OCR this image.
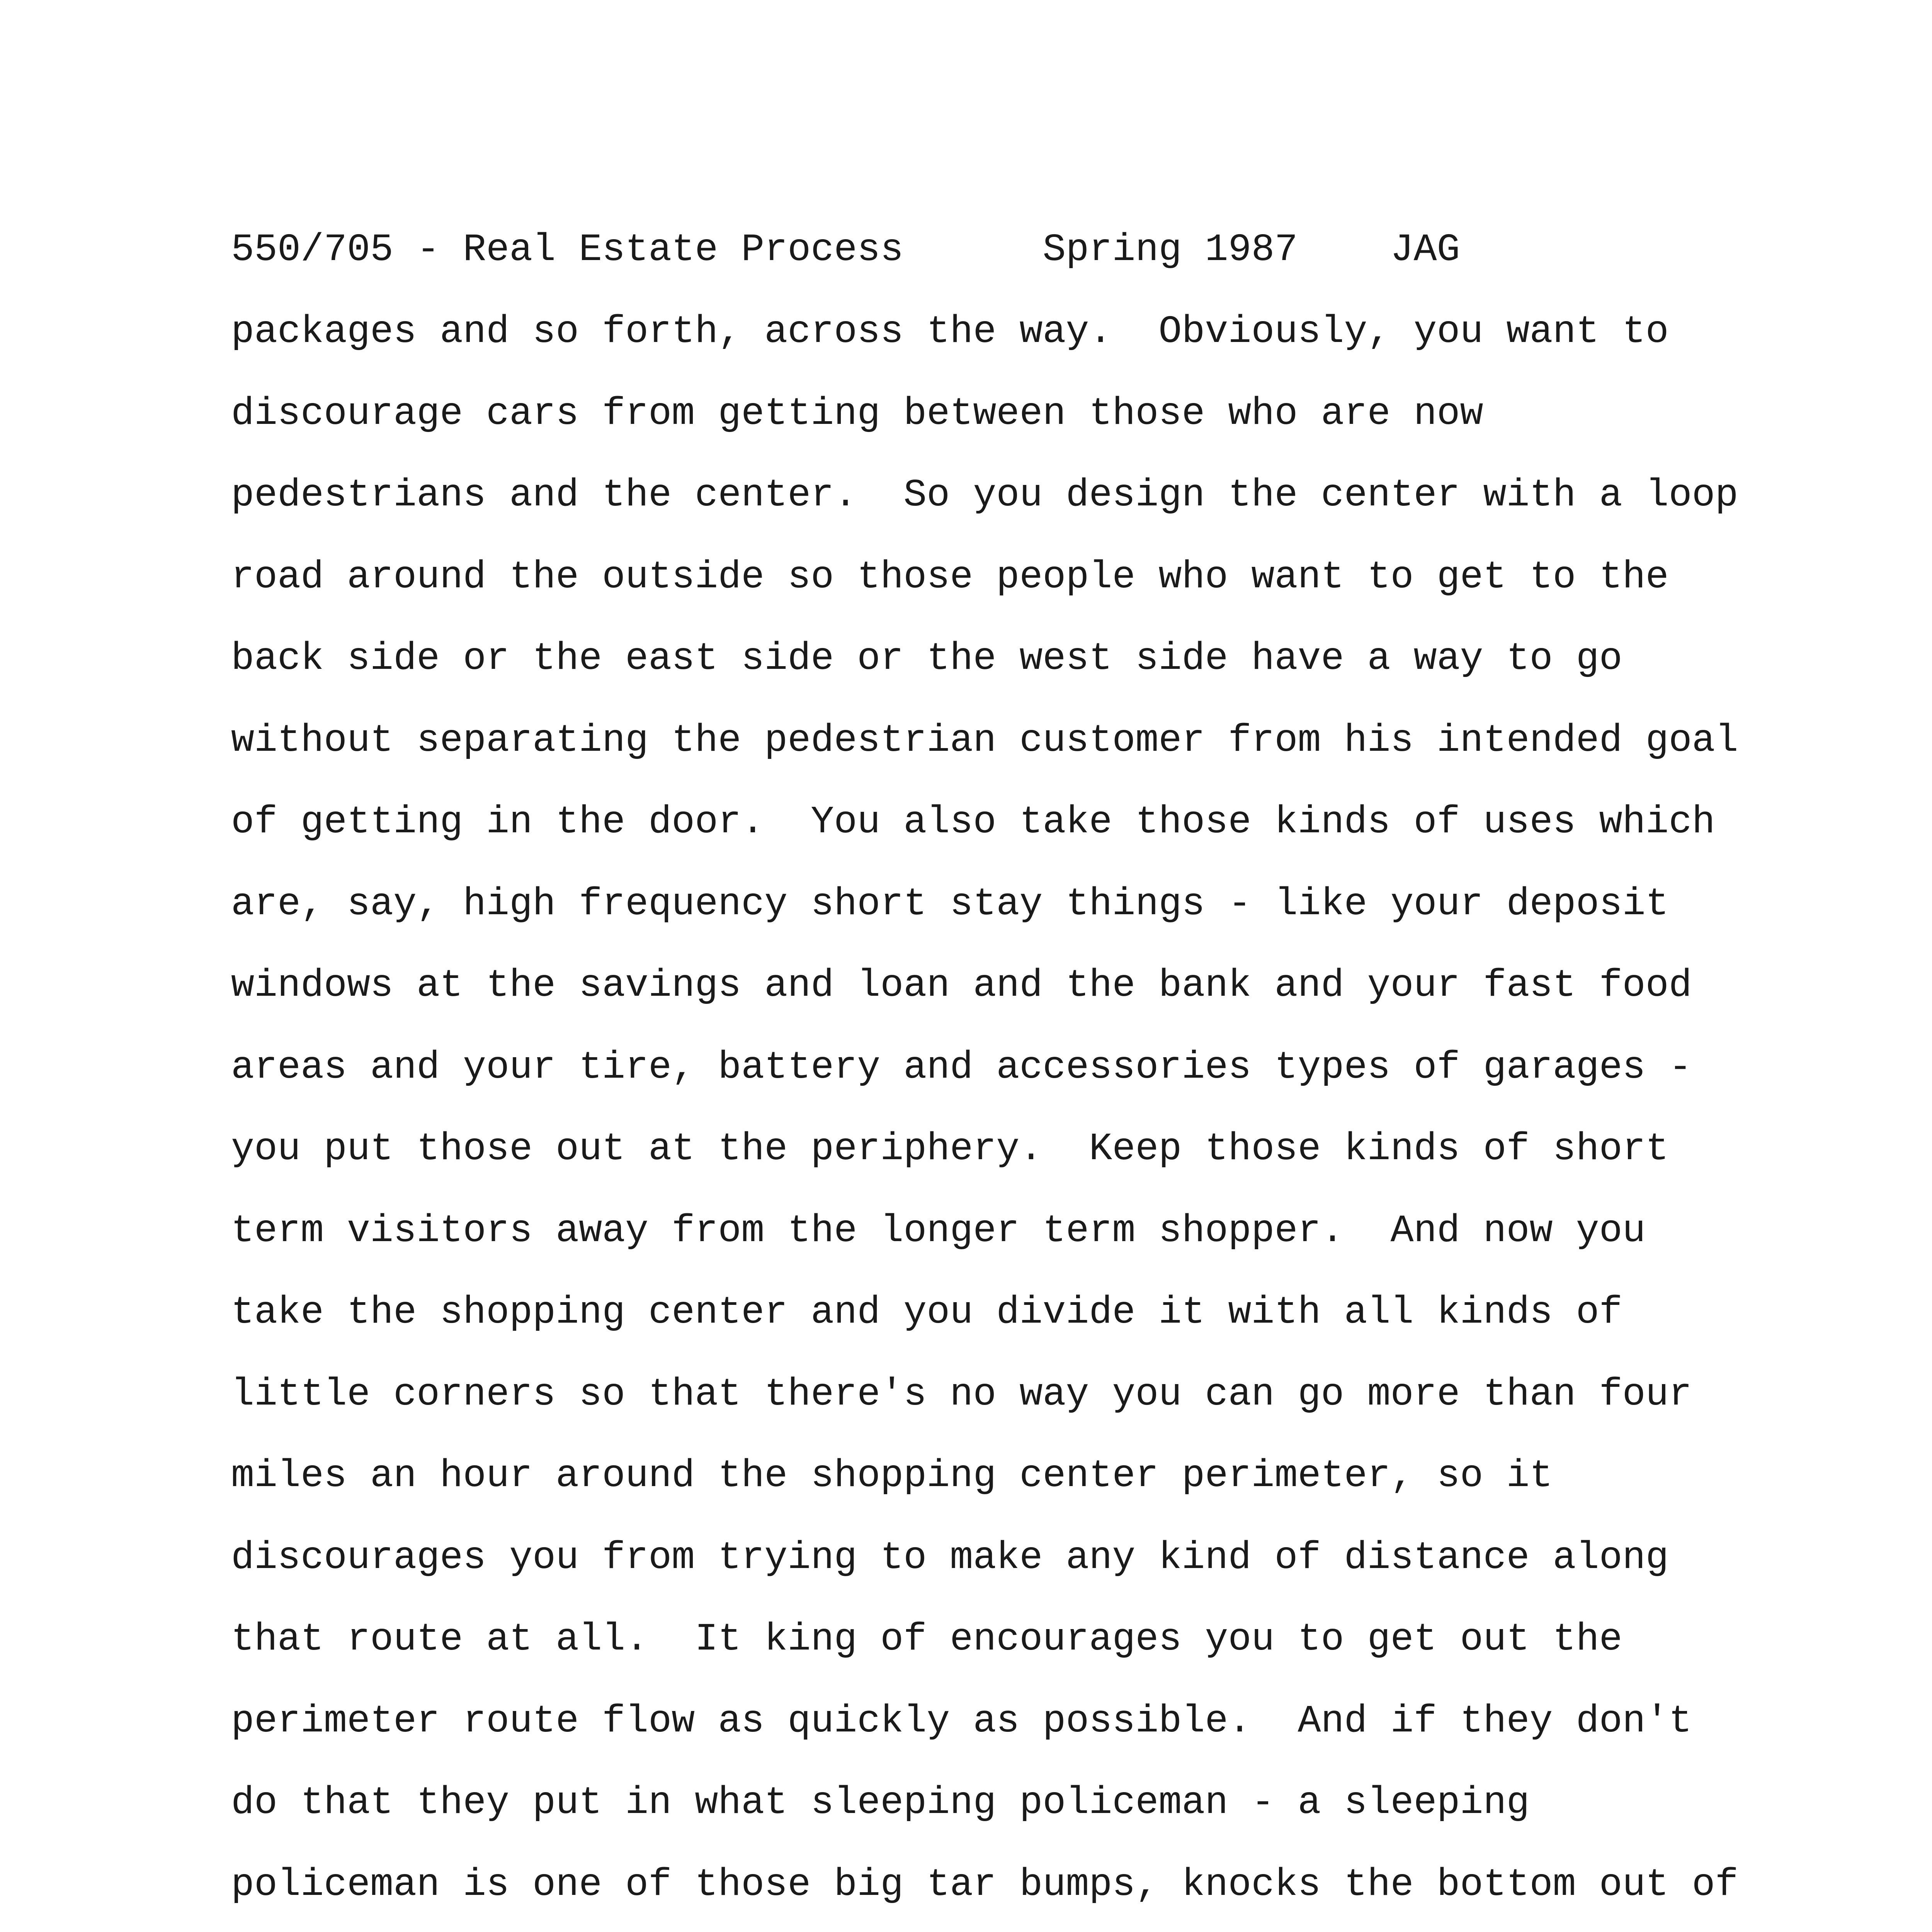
550/705 - Real Estate Process	Spring 1987 JAG
packages and so forth, across the way.  Obviously, you want to
discourage cars from getting between those who are now
pedestrians and the center.  So you design the center with a loop
road around the outside so those people who want to get to the
back side or the east side or the west side have a way to go
without separating the pedestrian customer from his intended goal
of getting in the door.  You also take those kinds of uses which
are, say, high frequency short stay things - like your deposit
windows at the savings and loan and the bank and your fast food
areas and your tire, battery and accessories types of garages -
you put those out at the periphery.  Keep those kinds of short
term visitors away from the longer term shopper.  And now you
take the shopping center and you divide it with all kinds of
little corners so that there's no way you can go more than four
miles an hour around the shopping center perimeter, so it
discourages you from trying to make any kind of distance along
that route at all.  It king of encourages you to get out the
perimeter route flow as quickly as possible.  And if they don't
do that they put in what sleeping policeman - a sleeping
policeman is one of those big tar bumps, knocks the bottom out of
